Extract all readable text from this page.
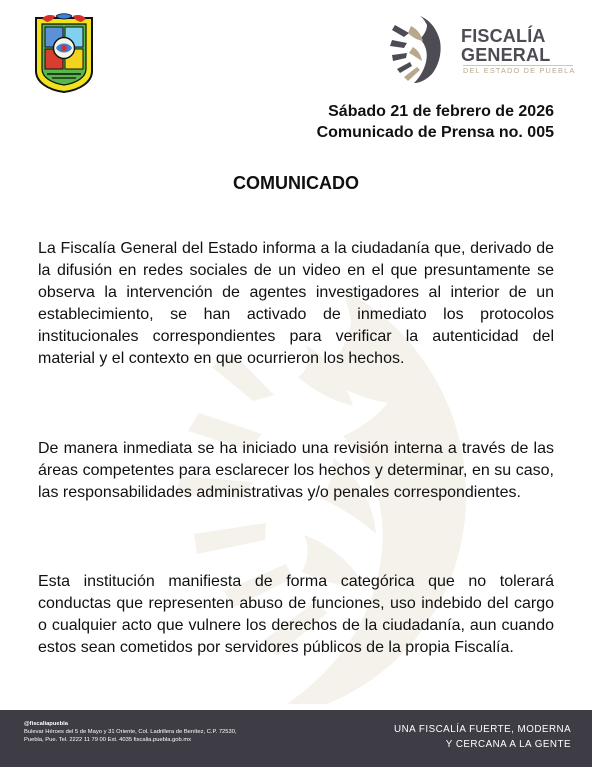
FISCALÍA
GENERAL
DEL ESTADO DE PUEBLA
Sábado 21 de febrero de 2026
Comunicado de Prensa no. 005
COMUNICADO

La Fiscalía General del Estado informa a la ciudadanía que, derivado de la difusión en redes sociales de un video en el que presuntamente se observa la intervención de agentes investigadores al interior de un establecimiento, se han activado de inmediato los protocolos institucionales correspondientes para verificar la autenticidad del material y el contexto en que ocurrieron los hechos.

De manera inmediata se ha iniciado una revisión interna a través de las áreas competentes para esclarecer los hechos y determinar, en su caso, las responsabilidades administrativas y/o penales correspondientes.

Esta institución manifiesta de forma categórica que no tolerará conductas que representen abuso de funciones, uso indebido del cargo o cualquier acto que vulnere los derechos de la ciudadanía, aun cuando estos sean cometidos por servidores públicos de la propia Fiscalía.

@fiscaliapuebla
Bulevar Héroes del 5 de Mayo y 31 Oriente, Col. Ladrillera de Benítez, C.P. 72530,
Puebla, Pue. Tel. 2222 11 79 00 Ext. 4035 fiscalia.puebla.gob.mx
UNA FISCALÍA FUERTE, MODERNA
Y CERCANA A LA GENTE
